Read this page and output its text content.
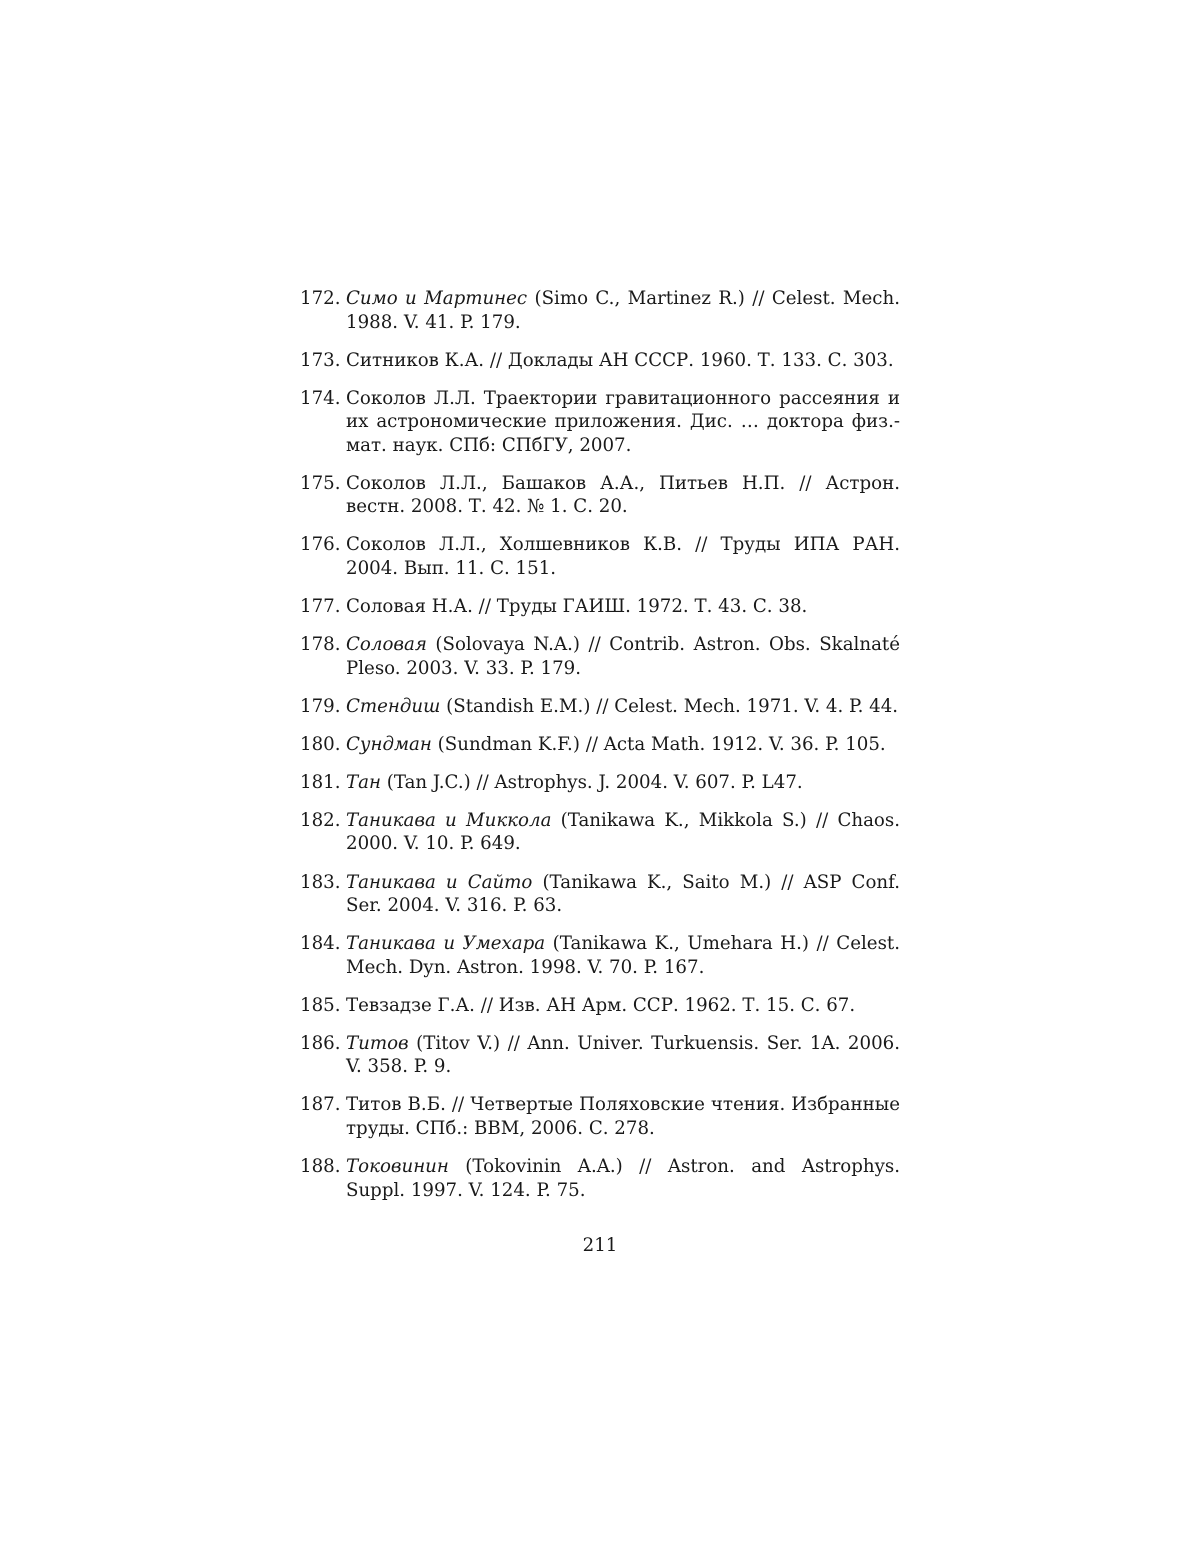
172. Симо и Мартинес (Simo C., Martinez R.) // Celest. Mech. 1988. V. 41. P. 179.
173. Ситников К.А. // Доклады АН СССР. 1960. Т. 133. С. 303.
174. Соколов Л.Л. Траектории гравитационного рассеяния и их астрономические приложения. Дис. … доктора физ.-мат. наук. СПб: СПбГУ, 2007.
175. Соколов Л.Л., Башаков А.А., Питьев Н.П. // Астрон. вестн. 2008. Т. 42. № 1. С. 20.
176. Соколов Л.Л., Холшевников К.В. // Труды ИПА РАН. 2004. Вып. 11. С. 151.
177. Соловая Н.А. // Труды ГАИШ. 1972. Т. 43. С. 38.
178. Соловая (Solovaya N.A.) // Contrib. Astron. Obs. Skalnaté Pleso. 2003. V. 33. P. 179.
179. Стендиш (Standish E.M.) // Celest. Mech. 1971. V. 4. P. 44.
180. Сундман (Sundman K.F.) // Acta Math. 1912. V. 36. P. 105.
181. Тан (Tan J.C.) // Astrophys. J. 2004. V. 607. P. L47.
182. Таникава и Миккола (Tanikawa K., Mikkola S.) // Chaos. 2000. V. 10. P. 649.
183. Таникава и Сайто (Tanikawa K., Saito M.) // ASP Conf. Ser. 2004. V. 316. P. 63.
184. Таникава и Умехара (Tanikawa K., Umehara H.) // Celest. Mech. Dyn. Astron. 1998. V. 70. P. 167.
185. Тевзадзе Г.А. // Изв. АН Арм. ССР. 1962. Т. 15. С. 67.
186. Титов (Titov V.) // Ann. Univer. Turkuensis. Ser. 1A. 2006. V. 358. P. 9.
187. Титов В.Б. // Четвертые Поляховские чтения. Избранные труды. СПб.: ВВМ, 2006. С. 278.
188. Токовинин (Tokovinin A.A.) // Astron. and Astrophys. Suppl. 1997. V. 124. P. 75.
211
